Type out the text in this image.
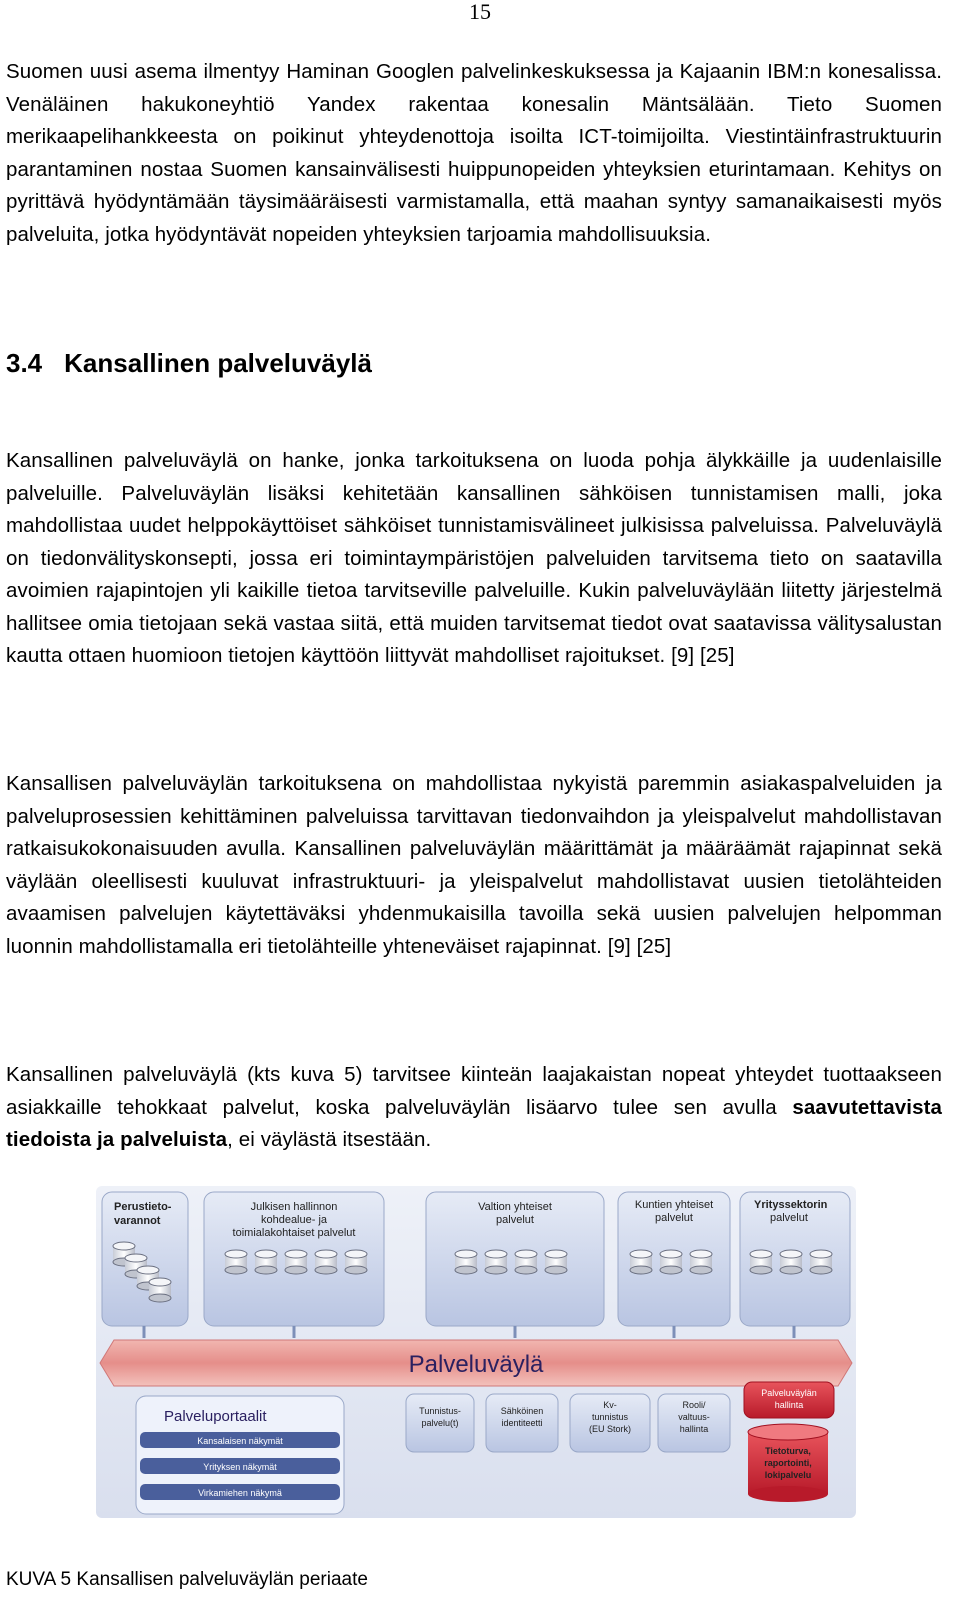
15
Suomen uusi asema ilmentyy Haminan Googlen palvelinkeskuksessa ja Kajaanin IBM:n konesalissa. Venäläinen hakukoneyhtiö Yandex rakentaa konesalin Mäntsälään. Tieto Suomen merikaapelihankkeesta on poikinut yhteydenottoja isoilta ICT-toimijoilta. Viestintäinfrastruktuurin parantaminen nostaa Suomen kansainvälisesti huippunopeiden yhteyksien eturintamaan. Kehitys on pyrittävä hyödyntämään täysimääräisesti varmistamalla, että maahan syntyy samanaikaisesti myös palveluita, jotka hyödyntävät nopeiden yhteyksien tarjoamia mahdollisuuksia.
3.4 Kansallinen palveluväylä
Kansallinen palveluväylä on hanke, jonka tarkoituksena on luoda pohja älykkäille ja uudenlaisille palveluille. Palveluväylän lisäksi kehitetään kansallinen sähköisen tunnistamisen malli, joka mahdollistaa uudet helppokäyttöiset sähköiset tunnistamisvälineet julkisissa palveluissa. Palveluväylä on tiedonvälityskonsepti, jossa eri toimintaympäristöjen palveluiden tarvitsema tieto on saatavilla avoimien rajapintojen yli kaikille tietoa tarvitseville palveluille. Kukin palveluväylään liitetty järjestelmä hallitsee omia tietojaan sekä vastaa siitä, että muiden tarvitsemat tiedot ovat saatavissa välitysalustan kautta ottaen huomioon tietojen käyttöön liittyvät mahdolliset rajoitukset. [9] [25]
Kansallisen palveluväylän tarkoituksena on mahdollistaa nykyistä paremmin asiakaspalveluiden ja palveluprosessien kehittäminen palveluissa tarvittavan tiedonvaihdon ja yleispalvelut mahdollistavan ratkaisukokonaisuuden avulla. Kansallinen palveluväylän määrittämät ja määräämät rajapinnat sekä väylään oleellisesti kuuluvat infrastruktuuri- ja yleispalvelut mahdollistavat uusien tietolähteiden avaamisen palvelujen käytettäväksi yhdenmukaisilla tavoilla sekä uusien palvelujen helpomman luonnin mahdollistamalla eri tietolähteille yhteneväiset rajapinnat. [9] [25]
Kansallinen palveluväylä (kts kuva 5) tarvitsee kiinteän laajakaistan nopeat yhteydet tuottaakseen asiakkaille tehokkaat palvelut, koska palveluväylän lisäarvo tulee sen avulla saavutettavista tiedoista ja palveluista, ei väylästä itsestään.
Perustieto-
varannot
Julkisen hallinnon
kohdealue- ja
toimialakohtaiset palvelut
Valtion yhteiset
palvelut
Kuntien yhteiset
palvelut
Yrityssektorin
palvelut
Palveluväylä
Palveluportaalit
Kansalaisen näkymät
Yrityksen näkymät
Virkamiehen näkymä
Tunnistus-
palvelu(t)
Sähköinen
identiteetti
Kv-
tunnistus
(EU Stork)
Rooli/
valtuus-
hallinta
Palveluväylän
hallinta
Tietoturva,
raportointi,
lokipalvelu
KUVA 5 Kansallisen palveluväylän periaate
